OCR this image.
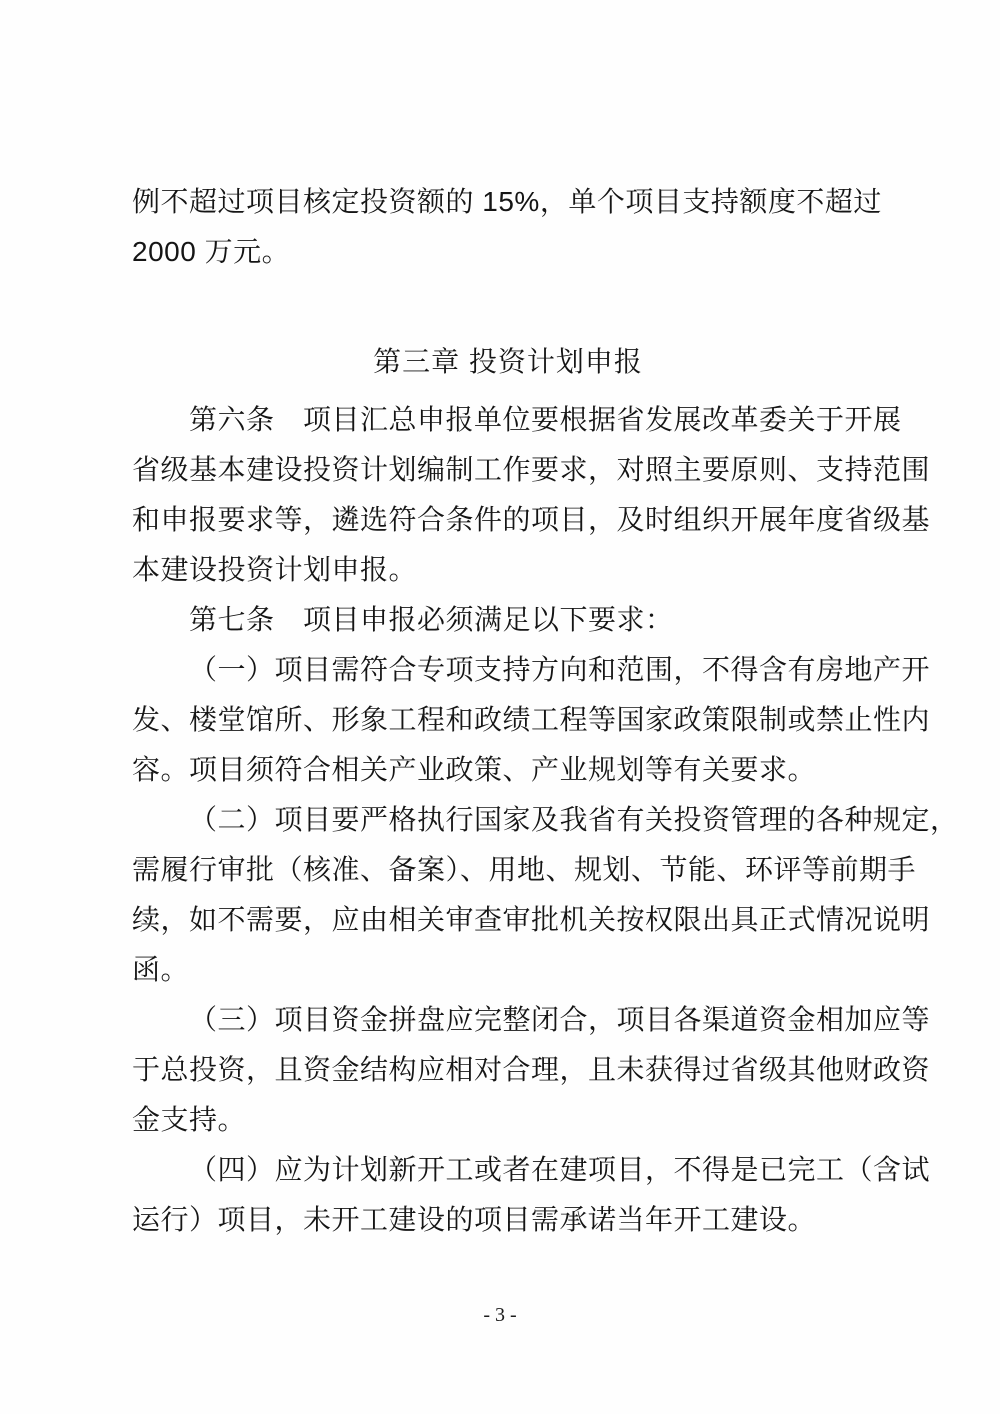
例不超过项目核定投资额的 15%，单个项目支持额度不超过
2000 万元。
第三章 投资计划申报
第六条　项目汇总申报单位要根据省发展改革委关于开展
省级基本建设投资计划编制工作要求，对照主要原则、支持范围
和申报要求等，遴选符合条件的项目，及时组织开展年度省级基
本建设投资计划申报。
第七条　项目申报必须满足以下要求：
（一）项目需符合专项支持方向和范围，不得含有房地产开
发、楼堂馆所、形象工程和政绩工程等国家政策限制或禁止性内
容。项目须符合相关产业政策、产业规划等有关要求。
（二）项目要严格执行国家及我省有关投资管理的各种规定，
需履行审批（核准、备案）、用地、规划、节能、环评等前期手
续，如不需要，应由相关审查审批机关按权限出具正式情况说明
函。
（三）项目资金拼盘应完整闭合，项目各渠道资金相加应等
于总投资，且资金结构应相对合理，且未获得过省级其他财政资
金支持。
（四）应为计划新开工或者在建项目，不得是已完工（含试
运行）项目，未开工建设的项目需承诺当年开工建设。
- 3 -
